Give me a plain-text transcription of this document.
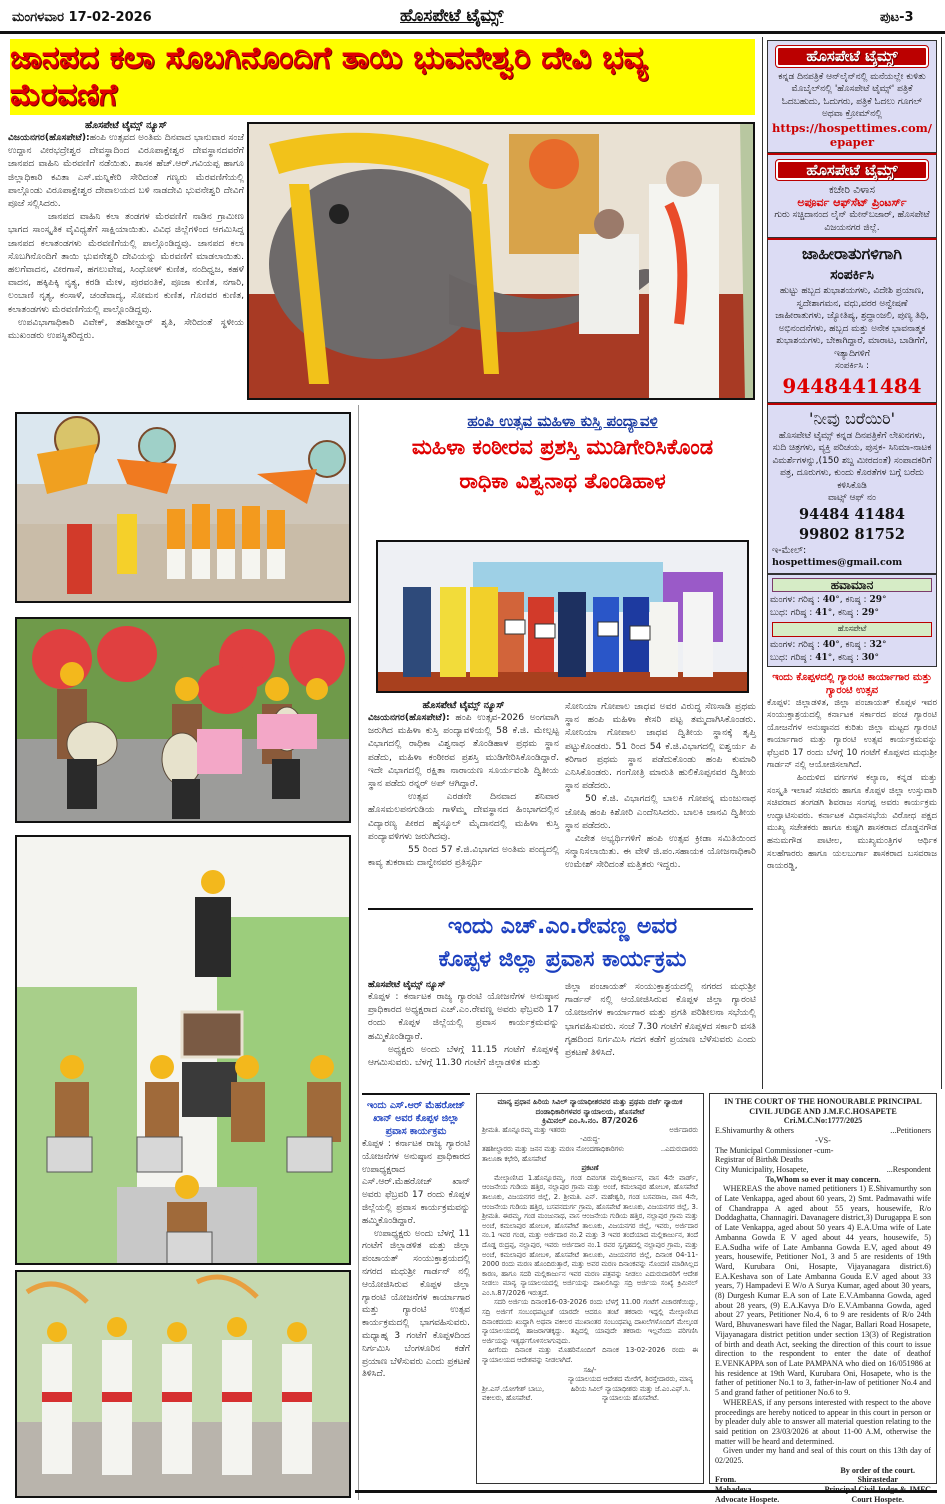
ಮಂಗಳವಾರ 17-02-2026	ಹೊಸಪೇಟೆ ಟೈಮ್ಸ್	ಪುಟ-3
ಜಾನಪದ ಕಲಾ ಸೊಬಗಿನೊಂದಿಗೆ ತಾಯಿ ಭುವನೇಶ್ವರಿ ದೇವಿ ಭವ್ಯ ಮೆರವಣಿಗೆ
ಹೊಸಪೇಟೆ ಟೈಮ್ಸ್ ನ್ಯೂಸ್
ವಿಜಯನಗರ(ಹೊಸಪೇಟೆ):ಹಂಪಿ ಉತ್ಸವದ ಅಂತಿಮ ದಿನವಾದ ಭಾನುವಾರ ಸಂಜೆ ಉದ್ದಾನ ವೀರಭದ್ರೇಶ್ವರ ದೇವಸ್ಥಾದಿಂದ ವಿರೂಪಾಕ್ಷೇಶ್ವರ ದೇವಸ್ಥಾನದವರೆಗೆ ಜಾನಪದ ವಾಹಿನಿ ಮೆರವಣಿಗೆ ನಡೆಯಿತು. ಶಾಸಕ ಹೆಚ್.ಆರ್.ಗವಿಯಪ್ಪ ಹಾಗೂ ಜಿಲ್ಲಾಧಿಕಾರಿ ಕವಿತಾ ಎಸ್.ಮನ್ನಿಕೇರಿ ಸೇರಿದಂತೆ ಗಣ್ಯರು ಮೆರವಣಿಗೆಯಲ್ಲಿ ಪಾಲ್ಗೊಂಡು ವಿರೂಪಾಕ್ಷೇಶ್ವರ ದೇವಾಲಯದ ಬಳಿ ನಾಡದೇವಿ ಭುವನೇಶ್ವರಿ ದೇವಿಗೆ ಪೂಜೆ ಸಲ್ಲಿಸಿದರು.
ಜಾನಪದ ವಾಹಿನಿ ಕಲಾ ತಂಡಗಳ ಮೆರವಣಿಗೆ ನಾಡಿನ ಗ್ರಾಮೀಣ ಭಾಗದ ಸಾಂಸ್ಕೃತಿಕ ವೈವಿಧ್ಯತೆಗೆ ಸಾಕ್ಷಿಯಾಯಿತು. ವಿವಿಧ ಜಿಲ್ಲೆಗಳಿಂದ ಆಗಮಿಸಿದ್ದ ಜಾನಪದ ಕಲಾತಂಡಗಳು ಮೆರವಣಿಗೆಯಲ್ಲಿ ಪಾಲ್ಗೊಂಡಿದ್ದವು. ಜಾನಪದ ಕಲಾ ಸೊಬಗಿನೊಂದಿಗೆ ತಾಯಿ ಭುವನೇಶ್ವರಿ ದೇವಿಯನ್ನು ಮೆರವಣಿಗೆ ಮಾಡಲಾಯಿತು. ಹಲಗೆವಾದನ, ವೀರಗಾಸೆ, ಹಗಲುವೇಷ, ಸಿಂಧೋಳ್ ಕುಣಿತ, ನಂದಿಧ್ವಜ, ಕಹಳೆ ವಾದನ, ಹಕ್ಕಿಪಿಕ್ಕಿ ನೃತ್ಯ, ಕರಡಿ ಮೇಳ, ಪುರವಂತಿಕೆ, ಪೂಜಾ ಕುಣಿತ, ನಗಾರಿ, ಲಂಬಾಣಿ ನೃತ್ಯ, ಕಂಸಾಳೆ, ಚಂಡೆವಾದ್ಯ, ಸೋಮನ ಕುಣಿತ, ಗೊರವರ ಕುಣಿತ, ಕಲಾತಂಡಗಳು ಮೆರವಣಿಗೆಯಲ್ಲಿ ಪಾಲ್ಗೊಂಡಿದ್ದವು.
ಉಪವಿಭಾಗಾಧಿಕಾರಿ ವಿವೇಕ್, ತಹಶೀಲ್ದಾರ್ ಶೃತಿ, ಸೇರಿದಂತೆ ಸ್ಥಳೀಯ ಮುಖಂಡರು ಉಪಸ್ಥಿತರಿದ್ದರು.
ಹಂಪಿ ಉತ್ಸವ ಮಹಿಳಾ ಕುಸ್ತಿ ಪಂದ್ಯಾವಳಿ
ಮಹಿಳಾ ಕಂಠೀರವ ಪ್ರಶಸ್ತಿ ಮುಡಿಗೇರಿಸಿಕೊಂಡ
ರಾಧಿಕಾ ವಿಶ್ವನಾಥ ತೊಂಡಿಹಾಳ
ಹೊಸಪೇಟೆ ಟೈಮ್ಸ್ ನ್ಯೂಸ್
ವಿಜಯನಗರ(ಹೊಸಪೇಟೆ): ಹಂಪಿ ಉತ್ಸವ-2026 ಅಂಗವಾಗಿ ಜರುಗಿದ ಮಹಿಳಾ ಕುಸ್ತಿ ಪಂದ್ಯಾವಳಿಯಲ್ಲಿ 58 ಕೆ.ಜಿ. ಮೇಲ್ಪಟ್ಟ ವಿಭಾಗದಲ್ಲಿ ರಾಧಿಕಾ ವಿಶ್ವನಾಥ ತೊಂಡಿಹಾಳ ಪ್ರಥಮ ಸ್ಥಾನ ಪಡೆದು, ಮಹಿಳಾ ಕಂಠೀರವ ಪ್ರಶಸ್ತಿ ಮುಡಿಗೇರಿಸಿಕೊಂಡಿದ್ದಾರೆ. ಇದೇ ವಿಭಾಗದಲ್ಲಿ ರಕ್ಷಿತಾ ನಾರಾಯಣ ಸೂರ್ಯವಂಶಿ ದ್ವಿತೀಯ ಸ್ಥಾನ ಪಡೆದು ರನ್ನರ್ ಅಪ್ ಆಗಿದ್ದಾರೆ.
ಉತ್ಸವ ಎರಡನೇ ದಿನವಾದ ಶನಿವಾರ ಹೊಸಮಲಪನಗುಡಿಯ ಗಾಳೆಮ್ಮ ದೇವಸ್ಥಾನದ ಹಿಂಭಾಗದಲ್ಲಿನ ವಿದ್ಯಾರಣ್ಯ ಪೀಠದ ಹೈಸ್ಕೂಲ್ ಮೈದಾನದಲ್ಲಿ ಮಹಿಳಾ ಕುಸ್ತಿ ಪಂದ್ಯಾವಳಿಗಳು ಜರುಗಿದವು.
55 ರಿಂದ 57 ಕೆ.ಜಿ.ವಿಭಾಗದ ಅಂತಿಮ ಪಂದ್ಯದಲ್ಲಿ ಕಾವ್ಯ ತುಕರಾಮ ದಾನ್ವೇನವರ ಪ್ರತಿಸ್ಪರ್ಧಿ
ಸೋನಿಯಾ ಗೋಪಾಲ ಜಾಧವ ಅವರ ವಿರುದ್ಧ ಸೆಣಸಾಡಿ ಪ್ರಥಮ ಸ್ಥಾನ ಹಂಪಿ ಮಹಿಳಾ ಕೇಸರಿ ಪಟ್ಟ ತಮ್ಮದಾಗಿಸಿಕೊಂಡರು. ಸೋನಿಯಾ ಗೋಪಾಲ ಜಾಧವ ದ್ವಿತೀಯ ಸ್ಥಾನಕ್ಕೆ ತೃಪ್ತಿ ಪಟ್ಟುಕೊಂಡರು. 51 ರಿಂದ 54 ಕೆ.ಜಿ.ವಿಭಾಗದಲ್ಲಿ ಐಶ್ವರ್ಯ ಪಿ ಕರಿಗಾರ ಪ್ರಥಮ ಸ್ಥಾನ ಪಡೆದುಕೊಂಡು ಹಂಪಿ ಕುಮಾರಿ ಎನಿಸಿಕೊಂಡರು. ಗಂಗೋತ್ರಿ ಮಾರುತಿ ಹುಲಿಕೊಪ್ಪನವರ ದ್ವಿತೀಯ ಸ್ಥಾನ ಪಡೆದರು.
50 ಕೆ.ಜಿ. ವಿಭಾಗದಲ್ಲಿ ಬಾಲಕಿ ಗೋಪನ್ನ ಮಂಜುನಾಥ ಜೋಷಿ ಹಂಪಿ ಕಿಶೋರಿ ಎಂದೆನಿಸಿದರು. ಬಾಲಕಿ ಜಾನವಿ ದ್ವಿತೀಯ ಸ್ಥಾನ ಪಡೆದರು.
ವಿಜೇತ ಅಭ್ಯರ್ಥಿಗಳಿಗೆ ಹಂಪಿ ಉತ್ಸವ ಕ್ರೀಡಾ ಸಮಿತಿಯಿಂದ ಸನ್ಮಾನಿಸಲಾಯಿತು. ಈ ವೇಳೆ ಜಿ.ಪಂ.ಸಹಾಯಕ ಯೋಜನಾಧಿಕಾರಿ ಉಮೇಶ್ ಸೇರಿದಂತೆ ಮತ್ತಿತರು ಇದ್ದರು.
ಇಂದು ಎಚ್.ಎಂ.ರೇವಣ್ಣ ಅವರ
ಕೊಪ್ಪಳ ಜಿಲ್ಲಾ ಪ್ರವಾಸ ಕಾರ್ಯಕ್ರಮ
ಹೊಸಪೇಟೆ ಟೈಮ್ಸ್ ನ್ಯೂಸ್
ಕೊಪ್ಪಳ : ಕರ್ನಾಟಕ ರಾಜ್ಯ ಗ್ಯಾರಂಟಿ ಯೋಜನೆಗಳ ಅನುಷ್ಠಾನ ಪ್ರಾಧಿಕಾರದ ಅಧ್ಯಕ್ಷರಾದ ಎಚ್.ಎಂ.ರೇವಣ್ಣ ಅವರು ಫೆಬ್ರವರಿ 17 ರಂದು ಕೊಪ್ಪಳ ಜಿಲ್ಲೆಯಲ್ಲಿ ಪ್ರವಾಸ ಕಾರ್ಯಕ್ರಮವನ್ನು ಹಮ್ಮಿಕೊಂಡಿದ್ದಾರೆ.
ಅಧ್ಯಕ್ಷರು ಅಂದು ಬೆಳಗ್ಗೆ 11.15 ಗಂಟೆಗೆ ಕೊಪ್ಪಳಕ್ಕೆ ಆಗಮಿಸುವರು. ಬೆಳಗ್ಗೆ 11.30 ಗಂಟೆಗೆ ಜಿಲ್ಲಾಡಳಿತ ಮತ್ತು
ಜಿಲ್ಲಾ ಪಂಚಾಯತ್ ಸಂಯುಕ್ತಾಶ್ರಯದಲ್ಲಿ ನಗರದ ಮಧುಶ್ರೀ ಗಾರ್ಡನ್ ನಲ್ಲಿ ಆಯೋಜಿಸಿರುವ ಕೊಪ್ಪಳ ಜಿಲ್ಲಾ ಗ್ಯಾರಂಟಿ ಯೋಜನೆಗಳ ಕಾರ್ಯಾಗಾರ ಮತ್ತು ಪ್ರಗತಿ ಪರಿಶೀಲನಾ ಸಭೆಯಲ್ಲಿ ಭಾಗವಹಿಸುವರು. ಸಂಜೆ 7.30 ಗಂಟೆಗೆ ಕೊಪ್ಪಳದ ಸರ್ಕಾರಿ ವಸತಿ ಗೃಹದಿಂದ ನಿರ್ಗಮಿಸಿ ಗದಗ ಕಡೆಗೆ ಪ್ರಯಾಣ ಬೆಳೆಸುವರು ಎಂದು ಪ್ರಕಟಣೆ ತಿಳಿಸಿದೆ.
ಇಂದು ಎಸ್.ಆರ್ ಮೆಹರೋಜ್ ಖಾನ್ ಅವರ ಕೊಪ್ಪಳ ಜಿಲ್ಲಾ ಪ್ರವಾಸ ಕಾರ್ಯಕ್ರಮ
ಕೊಪ್ಪಳ : ಕರ್ನಾಟಕ ರಾಜ್ಯ ಗ್ಯಾರಂಟಿ ಯೋಜನೆಗಳ ಅನುಷ್ಠಾನ ಪ್ರಾಧಿಕಾರದ ಉಪಾಧ್ಯಕ್ಷರಾದ ಎಸ್.ಆರ್.ಮೆಹರೋಜ್ ಖಾನ್ ಅವರು ಫೆಬ್ರವರಿ 17 ರಂದು ಕೊಪ್ಪಳ ಜಿಲ್ಲೆಯಲ್ಲಿ ಪ್ರವಾಸ ಕಾರ್ಯಕ್ರಮವನ್ನು ಹಮ್ಮಿಕೊಂಡಿದ್ದಾರೆ.
ಉಪಾಧ್ಯಕ್ಷರು ಅಂದು ಬೆಳಗ್ಗೆ 11 ಗಂಟೆಗೆ ಜಿಲ್ಲಾಡಳಿತ ಮತ್ತು ಜಿಲ್ಲಾ ಪಂಚಾಯತ್ ಸಂಯುಕ್ತಾಶ್ರಯದಲ್ಲಿ ನಗರದ ಮಧುಶ್ರೀ ಗಾರ್ಡನ್ ನಲ್ಲಿ ಆಯೋಜಿಸಿರುವ ಕೊಪ್ಪಳ ಜಿಲ್ಲಾ ಗ್ಯಾರಂಟಿ ಯೋಜನೆಗಳ ಕಾರ್ಯಾಗಾರ ಮತ್ತು ಗ್ಯಾರಂಟಿ ಉತ್ಸವ ಕಾರ್ಯಕ್ರಮದಲ್ಲಿ ಭಾಗವಹಿಸುವರು. ಮಧ್ಯಾಹ್ನ 3 ಗಂಟೆಗೆ ಕೊಪ್ಪಳದಿಂದ ನಿರ್ಗಮಿಸಿ ಬೆಂಗಳೂರಿನ ಕಡೆಗೆ ಪ್ರಯಾಣ ಬೆಳೆಸುವರು ಎಂದು ಪ್ರಕಟಣೆ ತಿಳಿಸಿದೆ.
ಮಾನ್ಯ ಪ್ರಧಾನ ಹಿರಿಯ ಸಿವಿಲ್ ನ್ಯಾಯಾಧೀಶರವರ ಮತ್ತು ಪ್ರಥಮ ದರ್ಜೆ ನ್ಯಾಯಿಕ ದಂಡಾಧಿಕಾರಿಗಳವರ ನ್ಯಾಯಾಲಯ, ಹೊಸಪೇಟೆ
ಕ್ರಿಮಿನಲ್ ಎಂ.ಸಿ.ನಂ. 87/2026
ಶ್ರೀಮತಿ. ಹೊನ್ನೂರಮ್ಮ ಮತ್ತು ಇತರರು	ಅರ್ಜಿದಾರರು
-ವಿರುದ್ಧ-
ತಹಶೀಲ್ದಾರರು ಮತ್ತು ಜನನ ಮತ್ತು ಮರಣ ನೋಂದಣಾಧಿಕಾರಿಗಳು ತಾಲೂಕಾ ಕಛೇರಿ, ಹೊಸಪೇಟೆ
..ಎದುರುದಾರರು
ಪ್ರಕಟಣೆ
ಮೇಲ್ಕಾಣಿಸಿದ 1.ಹೊನ್ನೂರಮ್ಮ, ಗಂಡ ದಿವಂಗತ ಮಲ್ಲಿಕಾರ್ಜುನ, ವಾಸ 4ನೇ ವಾರ್ಡ್, ಆಂಜನೇಯ ಗುಡಿಯ ಹತ್ತಿರ, ನಲ್ಲಾಪುರ ಗ್ರಾಮ ಮತ್ತು ಅಂಚೆ, ಕಮಲಾಪುರ ಹೋಬಳಿ, ಹೊಸಪೇಟೆ ತಾಲೂಕು, ವಿಜಯನಗರ ಜಿಲ್ಲೆ, 2. ಶ್ರೀಮತಿ. ಎನ್. ಮಹೇಶ್ವರಿ, ಗಂಡ ಬಸವರಾಜ, ವಾಸ 4ನೇ, ಆಂಜನೇಯ ಗುಡಿಯ ಹತ್ತಿರ, ಬಸವನದುರ್ಗ ಗ್ರಾಮ, ಹೊಸಪೇಟೆ ತಾಲೂಕು, ವಿಜಯನಗರ ಜಿಲ್ಲೆ, 3. ಶ್ರೀಮತಿ. ಈರಮ್ಮ, ಗಂಡ ಮಂಜುನಾಥ, ವಾಸ ಆಂಜನೇಯ ಗುಡಿಯ ಹತ್ತಿರ, ನಲ್ಲಾಪುರ ಗ್ರಾಮ ಮತ್ತು ಅಂಚೆ, ಕಮಲಾಪುರ ಹೋಬಳಿ, ಹೊಸಪೇಟೆ ತಾಲೂಕು, ವಿಜಯನಗರ ಜಿಲ್ಲೆ, ಇವರು, ಅರ್ಜಿದಾರ ನಂ.1 ಇವರ ಗಂಡ, ಮತ್ತು ಅರ್ಜಿದಾರ ನಂ.2 ಮತ್ತು 3 ಇವರ ತಂದೆಯಾದ ಮಲ್ಲಿಕಾರ್ಜುನ, ತಂದೆ ದೊಡ್ಡ ರುದ್ರಪ್ಪ, ನಲ್ಲಾಪುರ, ಇವರು ಅರ್ಜಿದಾರ ನಂ.1 ರವರ ಸ್ವಗೃಹದಲ್ಲಿ ನಲ್ಲಾಪುರ ಗ್ರಾಮ, ಮತ್ತು ಅಂಚೆ, ಕಮಲಾಪುರ ಹೋಬಳಿ, ಹೊಸಪೇಟೆ ತಾಲೂಕು, ವಿಜಯನಗರ ಜಿಲ್ಲೆ, ದಿನಾಂಕ 04-11-2000 ರಂದು ಮರಣ ಹೊಂದಿರುತ್ತಾರೆ, ಮತ್ತು ಅವರ ಮರಣ ದಿನಾಂಕವನ್ನು ನೊಂದಣಿ ಮಾಡಿಸಿಲ್ಲದ ಕಾರಣ, ಹಾಗೂ ಸದರಿ ಮಲ್ಲಿಕಾರ್ಜುನ ಇವರ ಮರಣ ಪತ್ರವನ್ನು ನೀಡಲು ಎದುರುದಾರರಿಗೆ ಆದೇಶ ನೀಡಲು ಮಾನ್ಯ ನ್ಯಾಯಾಲಯದಲ್ಲಿ ಅರ್ಜಿಯನ್ನು ದಾಖಲಿಸಿದ್ದು ಸದ್ರಿ ಅರ್ಜಿಯ ಸಂಖ್ಯೆ ಕ್ರಿಮಿನಲ್ ಎಂ.ಸಿ.87/2026 ಇರುತ್ತದೆ.
ಸದರಿ ಅರ್ಜಿಯ ದಿನಾಂಕ16-03-2026 ರಂದು ಬೆಳಗ್ಗೆ 11.00 ಗಂಟೆಗೆ ವಿಚಾರಣೆಯಿದ್ದು, ಸದ್ರಿ ಅರ್ಜಿಗೆ ಸಂಬಂಧಪಟ್ಟಂತೆ ಯಾರದೇ ಆದರೂ ತಂಟೆ ತಕರಾರು ಇದ್ದಲ್ಲಿ ಮೇಲ್ಕಾಣಿಸಿದ ದಿನಾಂಕದಂದು ಖುದ್ದಾಗಿ ಅಥವಾ ವಕೀಲರ ಮುಖಾಂತರ ಸಂಬಂಧಪಟ್ಟ ದಾಖಲೆಗಳೊಂದಿಗೆ ಮೇಲ್ಕಂಡ ನ್ಯಾಯಾಲಯದಲ್ಲಿ ಹಾಜರಾಗತಕ್ಕದ್ದು. ತಪ್ಪಿದಲ್ಲಿ ಯಾವುದೇ ತಕರಾರು ಇಲ್ಲವೆಂದು ಪರಿಗಣಿಸಿ ಅರ್ಜಿಯನ್ನು ಇತ್ಯರ್ಥಗೊಳಿಸಲಾಗುವುದು.
ಹೀಗೆಂದು ದಿನಾಂಕ ಮತ್ತು ಮೊಹರಿನೊಂದಿಗೆ ದಿನಾಂಕ 13-02-2026 ರಂದು ಈ ನ್ಯಾಯಾಲಯದ ಆದೇಶವನ್ನು ನೀಡಲಾಗಿದೆ.
ಸಹಿ/-
ಶ್ರೀ.ಎಸ್.ಯೋಗೇಶ್ ಬಾಬು, ವಕೀಲರು, ಹೊಸಪೇಟೆ.
ನ್ಯಾಯಾಲಯದ ಆದೇಶದ ಮೇರೆಗೆ, ಶಿರಸ್ತೇದಾರರು, ಮಾನ್ಯ ಹಿರಿಯ ಸಿವಿಲ್ ನ್ಯಾಯಾಧೀಶರು ಮತ್ತು ಜೆ.ಎಂ.ಎಫ್.ಸಿ. ನ್ಯಾಯಾಲಯ ಹೊಸಪೇಟೆ.
IN THE COURT OF THE HONOURABLE PRINCIPAL
CIVIL JUDGE AND J.M.F.C.HOSAPETE
Cri.M.C.No:1777/2025
E.Shivamurthy & others	...Petitioners
-VS-
The Municipal Commissioner -cum-
Registrar of Birth& Deaths
City Municipality, Hosapete,	...Respondent
To,Whom so ever it may concern.
WHEREAS the above named petitioners 1) E.Shivamurthy son of Late Venkappa, aged about 60 years, 2) Smt. Padmavathi wife of Chandrappa A aged about 55 years, housewife, R/o Doddaghatta, Channagiri. Davanagere district,3) Durugappa E son of Late Venkappa, aged about 50 years 4) E.A.Uma wife of Late Ambanna Gowda E V aged about 44 years, housewife, 5) E.A.Sudha wife of Late Ambanna Gowda E.V, aged about 49 years, housewife, Petitioner No1, 3 and 5 are residents of 19th Ward, Kurubara Oni, Hosapte, Vijayanagara district.6) E.A.Keshava son of Late Ambanna Gouda E.V aged about 33 years, 7) Hampadevi E W/o A Surya Kumar, aged about 30 years, (8) Durgesh Kumar E.A son of Late E.V.Ambanna Gowda, aged about 28 years, (9) E.A.Kavya D/o E.V.Ambanna Gowda, aged about 27 years, Petitioner No.4, 6 to 9 are residents of R/o 24th Ward, Bhuvaneswari have filed the Nagar, Ballari Road Hosapete, Vijayanagara district petition under section 13(3) of Registration of birth and death Act, seeking the direction of this court to issue direction to the respondent to enter the date of deathof E.VENKAPPA son of Late PAMPANA who died on 16/051986 at his residence at 19th Ward, Kurubara Oni, Hosapete, who is the father of petitioner No.1 to 3, father-in-law of petitioner No.4 and 5 and grand father of petitioner No.6 to 9.
WHEREAS, if any persons interested with respect to the above proceedings are hereby noticed to appear in this court in person or by pleader duly able to answer all material question relating to the said petition on 23/03/2026 at about 11-00 A.M, otherwise the matter will be heard and determined.
Given under my hand and seal of this court on this 13th day of 02/2025.
From.
Advocate Hospete.
By order of the court.
Shirastedar
Court Hospete.
ಹೊಸಪೇಟೆ ಟೈಮ್ಸ್
ಕನ್ನಡ ದಿನಪತ್ರಿಕೆ ಆನ್‌ಲೈನ್‌ನಲ್ಲಿ ಮನೆಯಲ್ಲೇ ಕುಳಿತು ಮೊಬೈಲ್‌ನಲ್ಲಿ 'ಹೊಸಪೇಟೆ ಟೈಮ್ಸ್' ಪತ್ರಿಕೆ ಓದಬಹುದು, ಓದುಗರು, ಪತ್ರಿಕೆ ಓದಲು ಗೂಗಲ್ ಅಥವಾ ಕ್ರೋಮ್‌ನಲ್ಲಿ
https://hospettimes.com/
epaper
ಹೊಸಪೇಟೆ ಟೈಮ್ಸ್
ಕಚೇರಿ ವಿಳಾಸ
ಅಪೂರ್ವ ಆಫ್‌ಸೆಟ್ ಪ್ರಿಂಟರ್ಸ್
ಗುರು ಸಚ್ಚಿದಾನಂದ ಲೈನ್ ಮೇನ್‌ಬಜಾರ್, ಹೊಸಪೇಟೆ ವಿಜಯನಗರ ಜಿಲ್ಲೆ.
ಜಾಹೀರಾತುಗಳಿಗಾಗಿ
ಸಂಪರ್ಕಿಸಿ
ಹುಟ್ಟು ಹಬ್ಬದ ಶುಭಾಶಯಗಳು, ವಿದೇಶಿ ಪ್ರಯಾಣ, ಸ್ವದೇಶಾಗಮನ, ವಧು,ವರರ ಅನ್ವೇಷಣೆ ಜಾಹೀರಾತುಗಳು, ಜ್ಯೋತಿಷ್ಯ, ಶ್ರದ್ಧಾಂಜಲಿ, ಪುಣ್ಯ ತಿಥಿ, ಅಭಿನಂದನೆಗಳು, ಹಬ್ಬದ ಮತ್ತು ಅನೇಕ ಭಾವನಾತ್ಮಕ ಶುಭಾಶಯಗಳು, ಬೇಕಾಗಿದ್ದಾರೆ, ಮಾರಾಟ, ಬಾಡಿಗೆಗೆ, ಇತ್ಯಾದಿಗಳಿಗೆ
ಸಂಪರ್ಕಿಸಿ :
9448441484
'ನೀವು ಬರೆಯಿರಿ'
ಹೊಸಪೇಟೆ ಟೈಮ್ಸ್ ಕನ್ನಡ ದಿನಪತ್ರಿಕೆಗೆ ಲೇಖನಗಳು, ಸುದಿ ಚಿತ್ರಗಳು, ವ್ಯಕ್ತಿ ಪರಿಚಯ, ಪುಸ್ತಕ- ಸಿನಿಮಾ-ನಾಟಕ ವಿಮರ್ಶೆಗಳನ್ನು,(150 ಶಬ್ದ ಮೀರದಂತೆ) ಸಂಪಾದಕರಿಗೆ ಪತ್ರ, ದೂರುಗಳು, ಕುಂದು ಕೊರತೆಗಳ ಬಗ್ಗೆ ಬರೆದು ಕಳಿಸಿಕೊಡಿ
ವಾಟ್ಸ್ ಆಫ್ ನಂ
94484 41484
99802 81752
ಇ-ಮೇಲ್: hospettimes@gmail.com
ಹವಾಮಾನ
ಮಂಗಳ: ಗರಿಷ್ಠ : 40°, ಕನಿಷ್ಠ : 29°
ಬುಧ: ಗರಿಷ್ಠ : 41°, ಕನಿಷ್ಠ : 29°
ಹೊಸಪೇಟೆ
ಮಂಗಳ: ಗರಿಷ್ಠ : 40°, ಕನಿಷ್ಠ : 32°
ಬುಧ: ಗರಿಷ್ಠ : 41°, ಕನಿಷ್ಠ : 30°
ಇಂದು ಕೊಪ್ಪಳದಲ್ಲಿ ಗ್ಯಾರಂಟಿ ಕಾರ್ಯಾಗಾರ ಮತ್ತು ಗ್ಯಾರಂಟಿ ಉತ್ಸವ
ಕೊಪ್ಪಳ: ಜಿಲ್ಲಾಡಳಿತ, ಜಿಲ್ಲಾ ಪಂಚಾಯತ್ ಕೊಪ್ಪಳ ಇವರ ಸಂಯುಕ್ತಾಶ್ರಯದಲ್ಲಿ ಕರ್ನಾಟಕ ಸರ್ಕಾರದ ಪಂಚ ಗ್ಯಾರಂಟಿ ಯೋಜನೆಗಳ ಅನುಷ್ಠಾನದ ಕುರಿತು ಜಿಲ್ಲಾ ಮಟ್ಟದ ಗ್ಯಾರಂಟಿ ಕಾರ್ಯಾಗಾರ ಮತ್ತು ಗ್ಯಾರಂಟಿ ಉತ್ಸವ ಕಾರ್ಯಕ್ರಮವನ್ನು ಫೆಬ್ರವರಿ 17 ರಂದು ಬೆಳಗ್ಗೆ 10 ಗಂಟೆಗೆ ಕೊಪ್ಪಳದ ಮಧುಶ್ರೀ ಗಾರ್ಡನ್ ನಲ್ಲಿ ಆಯೋಜಿಸಲಾಗಿದೆ.
ಹಿಂದುಳಿದ ವರ್ಗಗಳ ಕಲ್ಯಾಣ, ಕನ್ನಡ ಮತ್ತು ಸಂಸ್ಕೃತಿ ಇಲಾಖೆ ಸಚಿವರು ಹಾಗೂ ಕೊಪ್ಪಳ ಜಿಲ್ಲಾ ಉಸ್ತುವಾರಿ ಸಚಿವರಾದ ತಂಗಡಗಿ ಶಿವರಾಜ ಸಂಗಪ್ಪ ಅವರು ಕಾರ್ಯಕ್ರಮ ಉದ್ಘಾಟಿಸುವರು. ಕರ್ನಾಟಕ ವಿಧಾನಸಭೆಯ ವಿರೋಧ ಪಕ್ಷದ ಮುಖ್ಯ ಸಚೇತಕರು ಹಾಗೂ ಕುಷ್ಟಗಿ ಶಾಸಕರಾದ ದೊಡ್ಡನಗೌಡ ಹನುಮಗೌಡ ಪಾಟೀಲ, ಮುಖ್ಯಮಂತ್ರಿಗಳ ಆರ್ಥಿಕ ಸಲಹೆಗಾರರು ಹಾಗೂ ಯಲಬುರ್ಗಾ ಶಾಸಕರಾದ ಬಸವರಾಜ ರಾಯರಡ್ಡಿ,
